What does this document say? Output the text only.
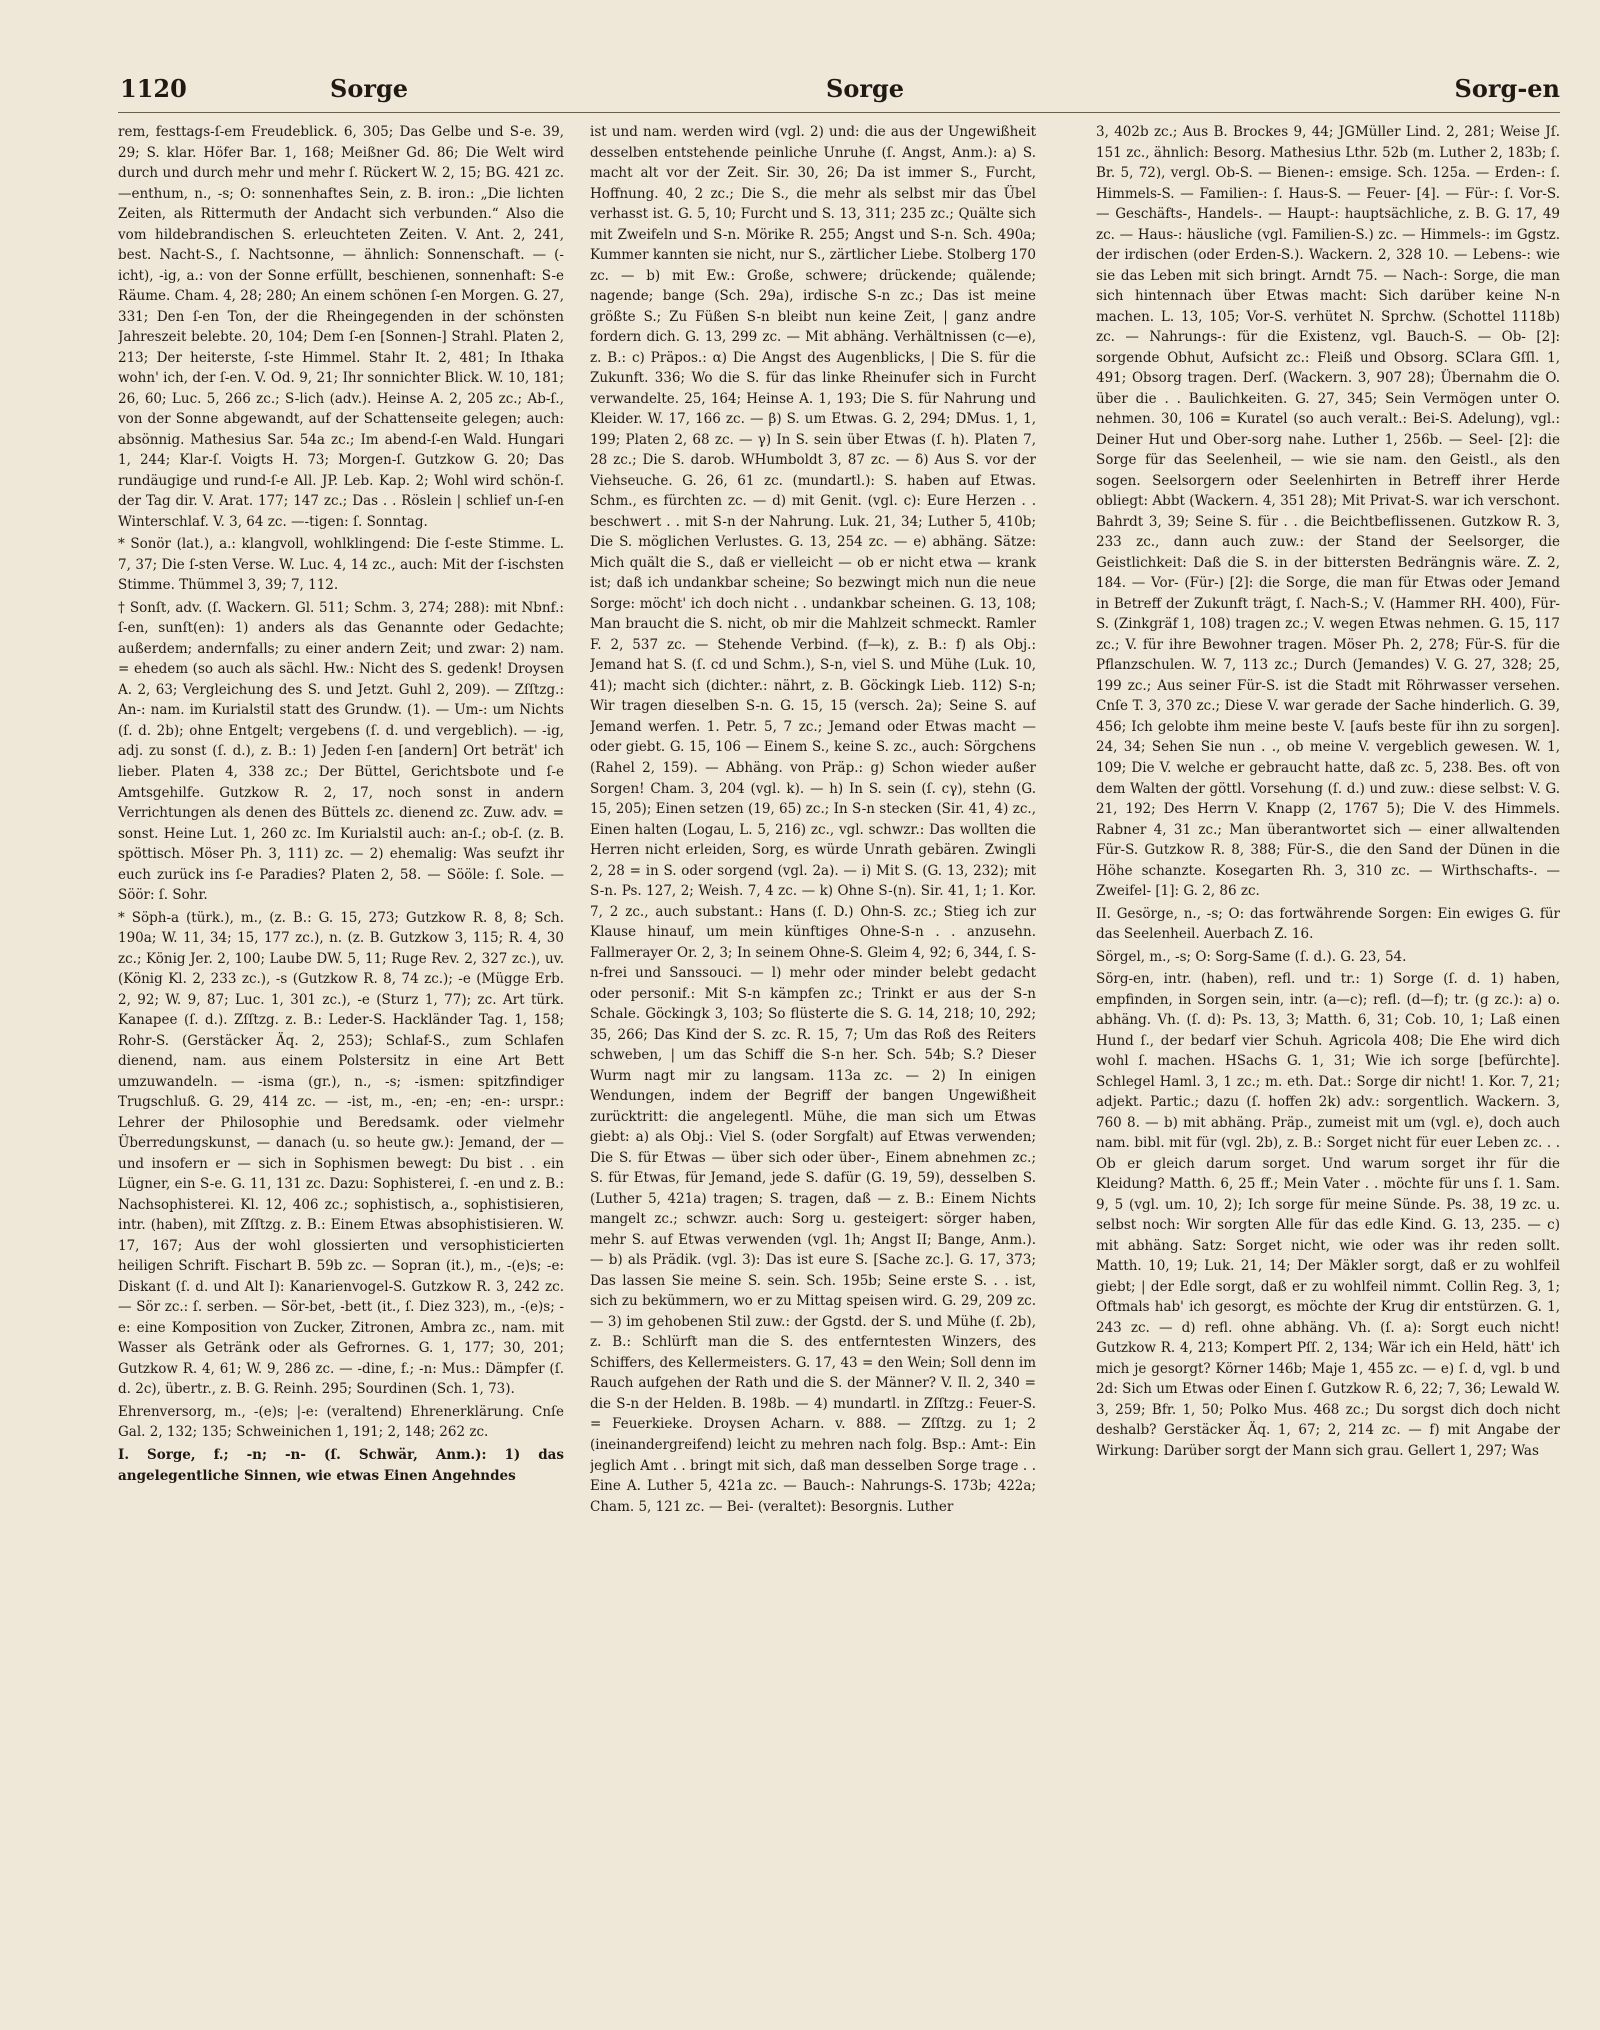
1120	Sorge	Sorge	Sorg-en

rem, festtags-ſ-em Freudeblick. 6, 305; Das Gelbe und S-e. 39, 29; S. klar. Höfer Bar. 1, 168; Meißner Gd. 86; Die Welt wird durch und durch mehr und mehr ſ. Rückert W. 2, 15; BG. 421 zc. —enthum, n., -s; O: sonnenhaftes Sein, z. B. iron.: „Die lichten Zeiten, als Rittermuth der Andacht sich verbunden.“ Also die vom hildebrandischen S. erleuchteten Zeiten. V. Ant. 2, 241, best. Nacht-S., ſ. Nachtsonne, — ähnlich: Sonnenschaft. — (-icht), -ig, a.: von der Sonne erfüllt, beschienen, sonnenhaft: S-e Räume. Cham. 4, 28; 280; An einem schönen ſ-en Morgen. G. 27, 331; Den ſ-en Ton, der die Rheingegenden in der schönsten Jahreszeit belebte. 20, 104; Dem ſ-en [Sonnen-] Strahl. Platen 2, 213; Der heiterste, ſ-ste Himmel. Stahr It. 2, 481; In Ithaka wohn' ich, der ſ-en. V. Od. 9, 21; Ihr sonnichter Blick. W. 10, 181; 26, 60; Luc. 5, 266 zc.; S-lich (adv.). Heinse A. 2, 205 zc.; Ab-ſ., von der Sonne abgewandt, auf der Schattenseite gelegen; auch: absönnig. Mathesius Sar. 54a zc.; Im abend-ſ-en Wald. Hungari 1, 244; Klar-ſ. Voigts H. 73; Morgen-ſ. Gutzkow G. 20; Das rundäugige und rund-ſ-e All. JP. Leb. Kap. 2; Wohl wird schön-ſ. der Tag dir. V. Arat. 177; 147 zc.; Das . . Röslein | schlief un-ſ-en Winterschlaf. V. 3, 64 zc. —-tigen: ſ. Sonntag.

* Sonör (lat.), a.: klangvoll, wohlklingend: Die ſ-este Stimme. L. 7, 37; Die ſ-sten Verse. W. Luc. 4, 14 zc., auch: Mit der ſ-ischsten Stimme. Thümmel 3, 39; 7, 112.

† Sonſt, adv. (ſ. Wackern. Gl. 511; Schm. 3, 274; 288): mit Nbnf.: ſ-en, sunſt(en): 1) anders als das Genannte oder Gedachte; außerdem; andernfalls; zu einer andern Zeit; und zwar: 2) nam. = ehedem (so auch als sächl. Hw.: Nicht des S. gedenk! Droysen A. 2, 63; Vergleichung des S. und Jetzt. Guhl 2, 209). — Zſſtzg.: An-: nam. im Kurialstil statt des Grundw. (1). — Um-: um Nichts (ſ. d. 2b); ohne Entgelt; vergebens (ſ. d. und vergeblich). — -ig, adj. zu sonst (ſ. d.), z. B.: 1) Jeden ſ-en [andern] Ort beträt' ich lieber. Platen 4, 338 zc.; Der Büttel, Gerichtsbote und ſ-e Amtsgehilfe. Gutzkow R. 2, 17, noch sonst in andern Verrichtungen als denen des Büttels zc. dienend zc. Zuw. adv. = sonst. Heine Lut. 1, 260 zc. Im Kurialstil auch: an-ſ.; ob-ſ. (z. B. spöttisch. Möser Ph. 3, 111) zc. — 2) ehemalig: Was seufzt ihr euch zurück ins ſ-e Paradies? Platen 2, 58. — Sööle: ſ. Sole. — Söör: ſ. Sohr.

* Söph-a (türk.), m., (z. B.: G. 15, 273; Gutzkow R. 8, 8; Sch. 190a; W. 11, 34; 15, 177 zc.), n. (z. B. Gutzkow 3, 115; R. 4, 30 zc.; König Jer. 2, 100; Laube DW. 5, 11; Ruge Rev. 2, 327 zc.), uv. (König Kl. 2, 233 zc.), -s (Gutzkow R. 8, 74 zc.); -e (Mügge Erb. 2, 92; W. 9, 87; Luc. 1, 301 zc.), -e (Sturz 1, 77); zc. Art türk. Kanapee (ſ. d.). Zſſtzg. z. B.: Leder-S. Hackländer Tag. 1, 158; Rohr-S. (Gerstäcker Äq. 2, 253); Schlaf-S., zum Schlafen dienend, nam. aus einem Polstersitz in eine Art Bett umzuwandeln. — -isma (gr.), n., -s; -ismen: spitzfindiger Trugschluß. G. 29, 414 zc. — -ist, m., -en; -en; -en-: urspr.: Lehrer der Philosophie und Beredsamk. oder vielmehr Überredungskunst, — danach (u. so heute gw.): Jemand, der — und insofern er — sich in Sophismen bewegt: Du bist . . ein Lügner, ein S-e. G. 11, 131 zc. Dazu: Sophisterei, ſ. -en und z. B.: Nachsophisterei. Kl. 12, 406 zc.; sophistisch, a., sophistisieren, intr. (haben), mit Zſſtzg. z. B.: Einem Etwas absophistisieren. W. 17, 167; Aus der wohl glossierten und versophisticierten heiligen Schrift. Fischart B. 59b zc. — Sopran (it.), m., -(e)s; -e: Diskant (ſ. d. und Alt I): Kanarienvogel-S. Gutzkow R. 3, 242 zc. — Sör zc.: ſ. serben. — Sör-bet, -bett (it., ſ. Diez 323), m., -(e)s; -e: eine Komposition von Zucker, Zitronen, Ambra zc., nam. mit Wasser als Getränk oder als Gefrornes. G. 1, 177; 30, 201; Gutzkow R. 4, 61; W. 9, 286 zc. — -dine, f.; -n: Mus.: Dämpfer (ſ. d. 2c), übertr., z. B. G. Reinh. 295; Sourdinen (Sch. 1, 73).

Ehrenversorg, m., -(e)s; |-e: (veraltend) Ehrenerklärung. Cnſe Gal. 2, 132; 135; Schweinichen 1, 191; 2, 148; 262 zc.

I. Sorge, f.; -n; -n- (ſ. Schwär, Anm.): 1) das angelegentliche Sinnen, wie etwas Einen Angehndes

ist und nam. werden wird (vgl. 2) und: die aus der Ungewißheit desselben entstehende peinliche Unruhe (ſ. Angst, Anm.): a) S. macht alt vor der Zeit. Sir. 30, 26; Da ist immer S., Furcht, Hoffnung. 40, 2 zc.; Die S., die mehr als selbst mir das Übel verhasst ist. G. 5, 10; Furcht und S. 13, 311; 235 zc.; Quälte sich mit Zweifeln und S-n. Mörike R. 255; Angst und S-n. Sch. 490a; Kummer kannten sie nicht, nur S., zärtlicher Liebe. Stolberg 170 zc. — b) mit Ew.: Große, schwere; drückende; quälende; nagende; bange (Sch. 29a), irdische S-n zc.; Das ist meine größte S.; Zu Füßen S-n bleibt nun keine Zeit, | ganz andre fordern dich. G. 13, 299 zc. — Mit abhäng. Verhältnissen (c—e), z. B.: c) Präpos.: α) Die Angst des Augenblicks, | Die S. für die Zukunft. 336; Wo die S. für das linke Rheinufer sich in Furcht verwandelte. 25, 164; Heinse A. 1, 193; Die S. für Nahrung und Kleider. W. 17, 166 zc. — β) S. um Etwas. G. 2, 294; DMus. 1, 1, 199; Platen 2, 68 zc. — γ) In S. sein über Etwas (ſ. h). Platen 7, 28 zc.; Die S. darob. WHumboldt 3, 87 zc. — δ) Aus S. vor der Viehseuche. G. 26, 61 zc. (mundartl.): S. haben auf Etwas. Schm., es fürchten zc. — d) mit Genit. (vgl. c): Eure Herzen . . beschwert . . mit S-n der Nahrung. Luk. 21, 34; Luther 5, 410b; Die S. möglichen Verlustes. G. 13, 254 zc. — e) abhäng. Sätze: Mich quält die S., daß er vielleicht — ob er nicht etwa — krank ist; daß ich undankbar scheine; So bezwingt mich nun die neue Sorge: möcht' ich doch nicht . . undankbar scheinen. G. 13, 108; Man braucht die S. nicht, ob mir die Mahlzeit schmeckt. Ramler F. 2, 537 zc. — Stehende Verbind. (f—k), z. B.: f) als Obj.: Jemand hat S. (ſ. cd und Schm.), S-n, viel S. und Mühe (Luk. 10, 41); macht sich (dichter.: nährt, z. B. Göckingk Lieb. 112) S-n; Wir tragen dieselben S-n. G. 15, 15 (versch. 2a); Seine S. auf Jemand werfen. 1. Petr. 5, 7 zc.; Jemand oder Etwas macht — oder giebt. G. 15, 106 — Einem S., keine S. zc., auch: Sörgchens (Rahel 2, 159). — Abhäng. von Präp.: g) Schon wieder außer Sorgen! Cham. 3, 204 (vgl. k). — h) In S. sein (ſ. cγ), stehn (G. 15, 205); Einen setzen (19, 65) zc.; In S-n stecken (Sir. 41, 4) zc., Einen halten (Logau, L. 5, 216) zc., vgl. schwzr.: Das wollten die Herren nicht erleiden, Sorg, es würde Unrath gebären. Zwingli 2, 28 = in S. oder sorgend (vgl. 2a). — i) Mit S. (G. 13, 232); mit S-n. Ps. 127, 2; Weish. 7, 4 zc. — k) Ohne S-(n). Sir. 41, 1; 1. Kor. 7, 2 zc., auch substant.: Hans (ſ. D.) Ohn-S. zc.; Stieg ich zur Klause hinauf, um mein künftiges Ohne-S-n . . anzusehn. Fallmerayer Or. 2, 3; In seinem Ohne-S. Gleim 4, 92; 6, 344, ſ. S-n-frei und Sanssouci. — l) mehr oder minder belebt gedacht oder personif.: Mit S-n kämpfen zc.; Trinkt er aus der S-n Schale. Göckingk 3, 103; So flüsterte die S. G. 14, 218; 10, 292; 35, 266; Das Kind der S. zc. R. 15, 7; Um das Roß des Reiters schweben, | um das Schiff die S-n her. Sch. 54b; S.? Dieser Wurm nagt mir zu langsam. 113a zc. — 2) In einigen Wendungen, indem der Begriff der bangen Ungewißheit zurücktritt: die angelegentl. Mühe, die man sich um Etwas giebt: a) als Obj.: Viel S. (oder Sorgfalt) auf Etwas verwenden; Die S. für Etwas — über sich oder über-, Einem abnehmen zc.; S. für Etwas, für Jemand, jede S. dafür (G. 19, 59), desselben S. (Luther 5, 421a) tragen; S. tragen, daß — z. B.: Einem Nichts mangelt zc.; schwzr. auch: Sorg u. gesteigert: sörger haben, mehr S. auf Etwas verwenden (vgl. 1h; Angst II; Bange, Anm.). — b) als Prädik. (vgl. 3): Das ist eure S. [Sache zc.]. G. 17, 373; Das lassen Sie meine S. sein. Sch. 195b; Seine erste S. . . ist, sich zu bekümmern, wo er zu Mittag speisen wird. G. 29, 209 zc. — 3) im gehobenen Stil zuw.: der Ggstd. der S. und Mühe (ſ. 2b), z. B.: Schlürft man die S. des entferntesten Winzers, des Schiffers, des Kellermeisters. G. 17, 43 = den Wein; Soll denn im Rauch aufgehen der Rath und die S. der Männer? V. Il. 2, 340 = die S-n der Helden. B. 198b. — 4) mundartl. in Zſſtzg.: Feuer-S. = Feuerkieke. Droysen Acharn. v. 888. — Zſſtzg. zu 1; 2 (ineinandergreifend) leicht zu mehren nach folg. Bsp.: Amt-: Ein jeglich Amt . . bringt mit sich, daß man desselben Sorge trage . . Eine A. Luther 5, 421a zc. — Bauch-: Nahrungs-S. 173b; 422a; Cham. 5, 121 zc. — Bei- (veraltet): Besorgnis. Luther

3, 402b zc.; Aus B. Brockes 9, 44; JGMüller Lind. 2, 281; Weise Jſ. 151 zc., ähnlich: Besorg. Mathesius Lthr. 52b (m. Luther 2, 183b; ſ. Br. 5, 72), vergl. Ob-S. — Bienen-: emsige. Sch. 125a. — Erden-: ſ. Himmels-S. — Familien-: ſ. Haus-S. — Feuer- [4]. — Für-: ſ. Vor-S. — Geschäfts-, Handels-. — Haupt-: hauptsächliche, z. B. G. 17, 49 zc. — Haus-: häusliche (vgl. Familien-S.) zc. — Himmels-: im Ggstz. der irdischen (oder Erden-S.). Wackern. 2, 328 10. — Lebens-: wie sie das Leben mit sich bringt. Arndt 75. — Nach-: Sorge, die man sich hintennach über Etwas macht: Sich darüber keine N-n machen. L. 13, 105; Vor-S. verhütet N. Sprchw. (Schottel 1118b) zc. — Nahrungs-: für die Existenz, vgl. Bauch-S. — Ob- [2]: sorgende Obhut, Aufsicht zc.: Fleiß und Obsorg. SClara Gſſl. 1, 491; Obsorg tragen. Derſ. (Wackern. 3, 907 28); Übernahm die O. über die . . Baulichkeiten. G. 27, 345; Sein Vermögen unter O. nehmen. 30, 106 = Kuratel (so auch veralt.: Bei-S. Adelung), vgl.: Deiner Hut und Ober-sorg nahe. Luther 1, 256b. — Seel- [2]: die Sorge für das Seelenheil, — wie sie nam. den Geistl., als den sogen. Seelsorgern oder Seelenhirten in Betreff ihrer Herde obliegt: Abbt (Wackern. 4, 351 28); Mit Privat-S. war ich verschont. Bahrdt 3, 39; Seine S. für . . die Beichtbeflissenen. Gutzkow R. 3, 233 zc., dann auch zuw.: der Stand der Seelsorger, die Geistlichkeit: Daß die S. in der bittersten Bedrängnis wäre. Z. 2, 184. — Vor- (Für-) [2]: die Sorge, die man für Etwas oder Jemand in Betreff der Zukunft trägt, ſ. Nach-S.; V. (Hammer RH. 400), Für-S. (Zinkgräf 1, 108) tragen zc.; V. wegen Etwas nehmen. G. 15, 117 zc.; V. für ihre Bewohner tragen. Möser Ph. 2, 278; Für-S. für die Pflanzschulen. W. 7, 113 zc.; Durch (Jemandes) V. G. 27, 328; 25, 199 zc.; Aus seiner Für-S. ist die Stadt mit Röhrwasser versehen. Cnſe T. 3, 370 zc.; Diese V. war gerade der Sache hinderlich. G. 39, 456; Ich gelobte ihm meine beste V. [aufs beste für ihn zu sorgen]. 24, 34; Sehen Sie nun . ., ob meine V. vergeblich gewesen. W. 1, 109; Die V. welche er gebraucht hatte, daß zc. 5, 238. Bes. oft von dem Walten der göttl. Vorsehung (ſ. d.) und zuw.: diese selbst: V. G. 21, 192; Des Herrn V. Knapp (2, 1767 5); Die V. des Himmels. Rabner 4, 31 zc.; Man überantwortet sich — einer allwaltenden Für-S. Gutzkow R. 8, 388; Für-S., die den Sand der Dünen in die Höhe schanzte. Kosegarten Rh. 3, 310 zc. — Wirthschafts-. — Zweifel- [1]: G. 2, 86 zc.

II. Gesörge, n., -s; O: das fortwährende Sorgen: Ein ewiges G. für das Seelenheil. Auerbach Z. 16.

Sörgel, m., -s; O: Sorg-Same (ſ. d.). G. 23, 54.

Sörg-en, intr. (haben), refl. und tr.: 1) Sorge (ſ. d. 1) haben, empfinden, in Sorgen sein, intr. (a—c); refl. (d—f); tr. (g zc.): a) o. abhäng. Vh. (ſ. d): Ps. 13, 3; Matth. 6, 31; Cob. 10, 1; Laß einen Hund ſ., der bedarf vier Schuh. Agricola 408; Die Ehe wird dich wohl ſ. machen. HSachs G. 1, 31; Wie ich sorge [befürchte]. Schlegel Haml. 3, 1 zc.; m. eth. Dat.: Sorge dir nicht! 1. Kor. 7, 21; adjekt. Partic.; dazu (ſ. hoffen 2k) adv.: sorgentlich. Wackern. 3, 760 8. — b) mit abhäng. Präp., zumeist mit um (vgl. e), doch auch nam. bibl. mit für (vgl. 2b), z. B.: Sorget nicht für euer Leben zc. . . Ob er gleich darum sorget. Und warum sorget ihr für die Kleidung? Matth. 6, 25 ff.; Mein Vater . . möchte für uns ſ. 1. Sam. 9, 5 (vgl. um. 10, 2); Ich sorge für meine Sünde. Ps. 38, 19 zc. u. selbst noch: Wir sorgten Alle für das edle Kind. G. 13, 235. — c) mit abhäng. Satz: Sorget nicht, wie oder was ihr reden sollt. Matth. 10, 19; Luk. 21, 14; Der Mäkler sorgt, daß er zu wohlfeil giebt; | der Edle sorgt, daß er zu wohlfeil nimmt. Collin Reg. 3, 1; Oftmals hab' ich gesorgt, es möchte der Krug dir entstürzen. G. 1, 243 zc. — d) refl. ohne abhäng. Vh. (ſ. a): Sorgt euch nicht! Gutzkow R. 4, 213; Kompert Pſſ. 2, 134; Wär ich ein Held, hätt' ich mich je gesorgt? Körner 146b; Maje 1, 455 zc. — e) ſ. d, vgl. b und 2d: Sich um Etwas oder Einen ſ. Gutzkow R. 6, 22; 7, 36; Lewald W. 3, 259; Bfr. 1, 50; Polko Mus. 468 zc.; Du sorgst dich doch nicht deshalb? Gerstäcker Äq. 1, 67; 2, 214 zc. — f) mit Angabe der Wirkung: Darüber sorgt der Mann sich grau. Gellert 1, 297; Was
